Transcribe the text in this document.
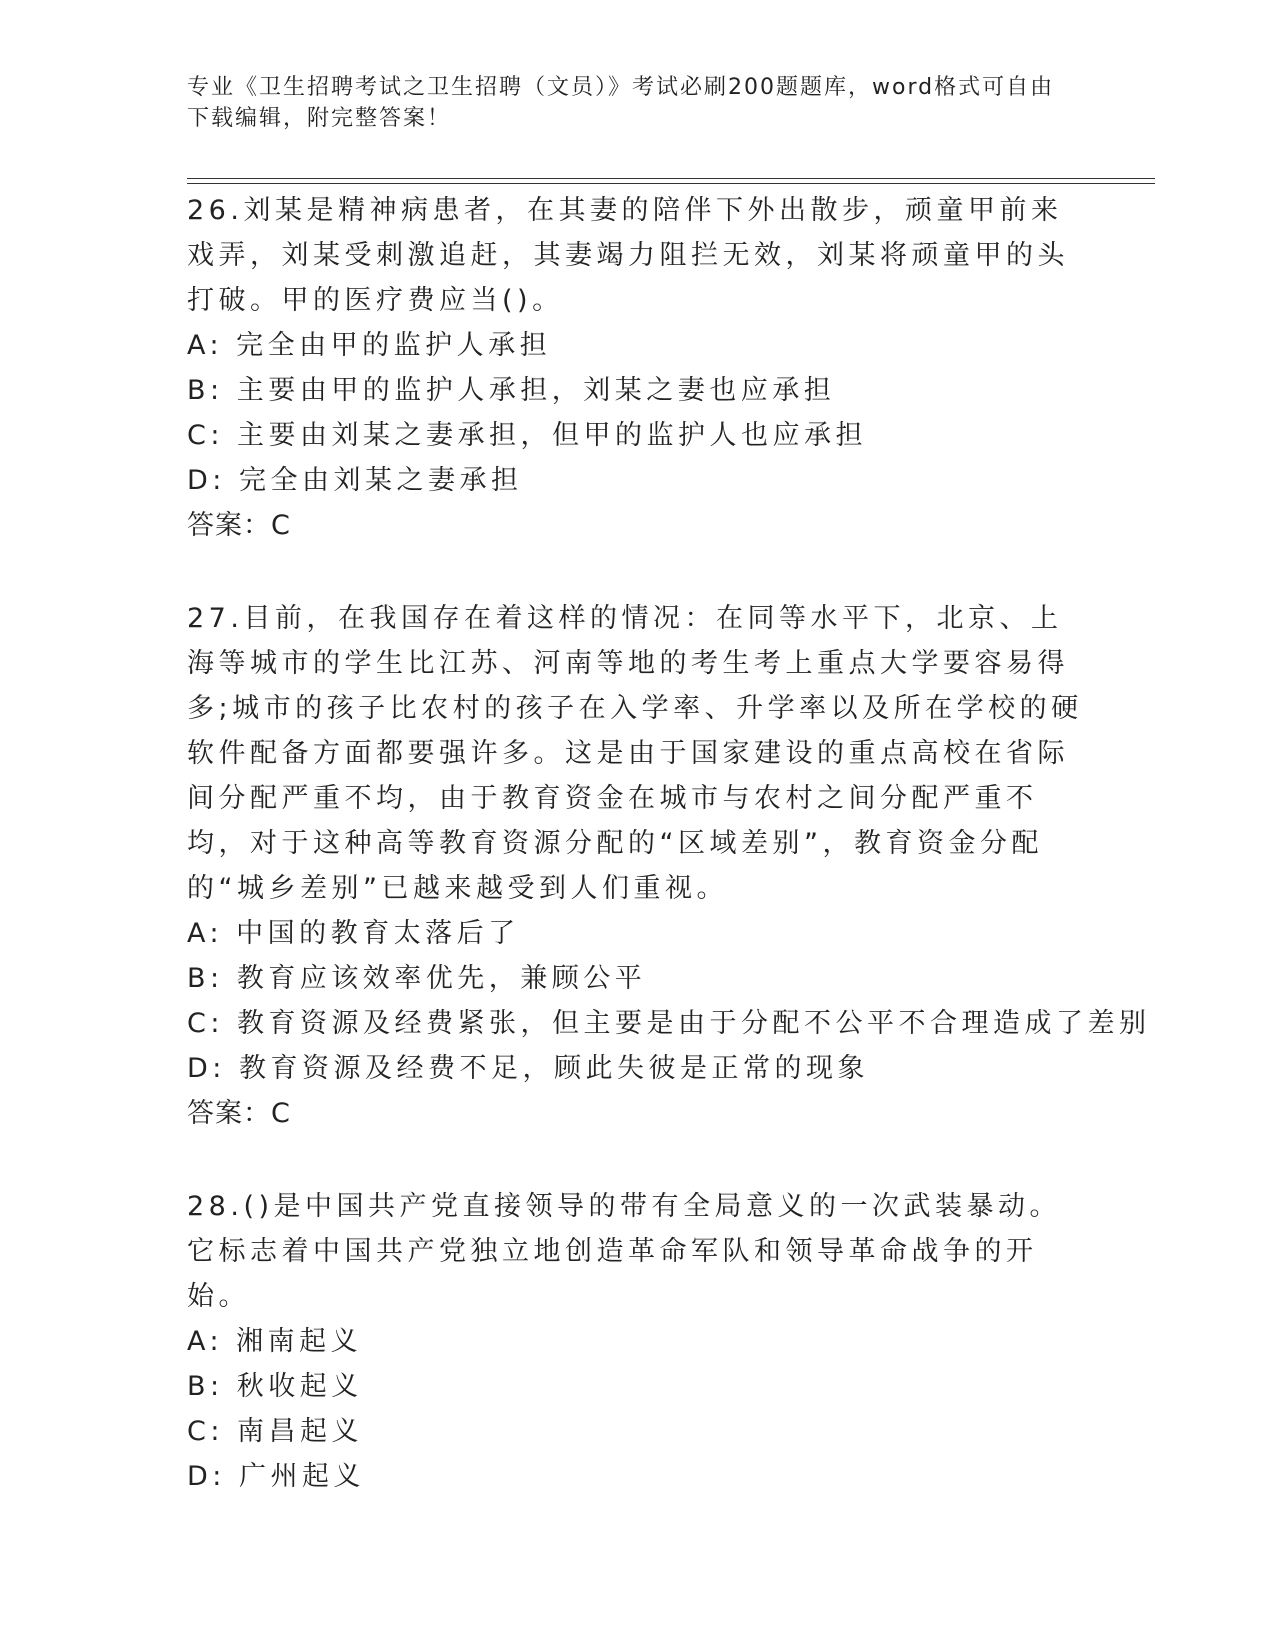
专业《卫生招聘考试之卫生招聘（文员）》考试必刷200题题库，word格式可自由下载编辑，附完整答案！

26.刘某是精神病患者，在其妻的陪伴下外出散步，顽童甲前来戏弄，刘某受刺激追赶，其妻竭力阻拦无效，刘某将顽童甲的头打破。甲的医疗费应当()。

A: 完全由甲的监护人承担

B: 主要由甲的监护人承担，刘某之妻也应承担

C: 主要由刘某之妻承担，但甲的监护人也应承担

D: 完全由刘某之妻承担

答案：C

27.目前，在我国存在着这样的情况：在同等水平下，北京、上海等城市的学生比江苏、河南等地的考生考上重点大学要容易得多;城市的孩子比农村的孩子在入学率、升学率以及所在学校的硬软件配备方面都要强许多。这是由于国家建设的重点高校在省际间分配严重不均，由于教育资金在城市与农村之间分配严重不均，对于这种高等教育资源分配的“区域差别”，教育资金分配的“城乡差别”已越来越受到人们重视。

A: 中国的教育太落后了

B: 教育应该效率优先，兼顾公平

C: 教育资源及经费紧张，但主要是由于分配不公平不合理造成了差别

D: 教育资源及经费不足，顾此失彼是正常的现象

答案：C

28.()是中国共产党直接领导的带有全局意义的一次武装暴动。它标志着中国共产党独立地创造革命军队和领导革命战争的开始。

A: 湘南起义

B: 秋收起义

C: 南昌起义

D: 广州起义
